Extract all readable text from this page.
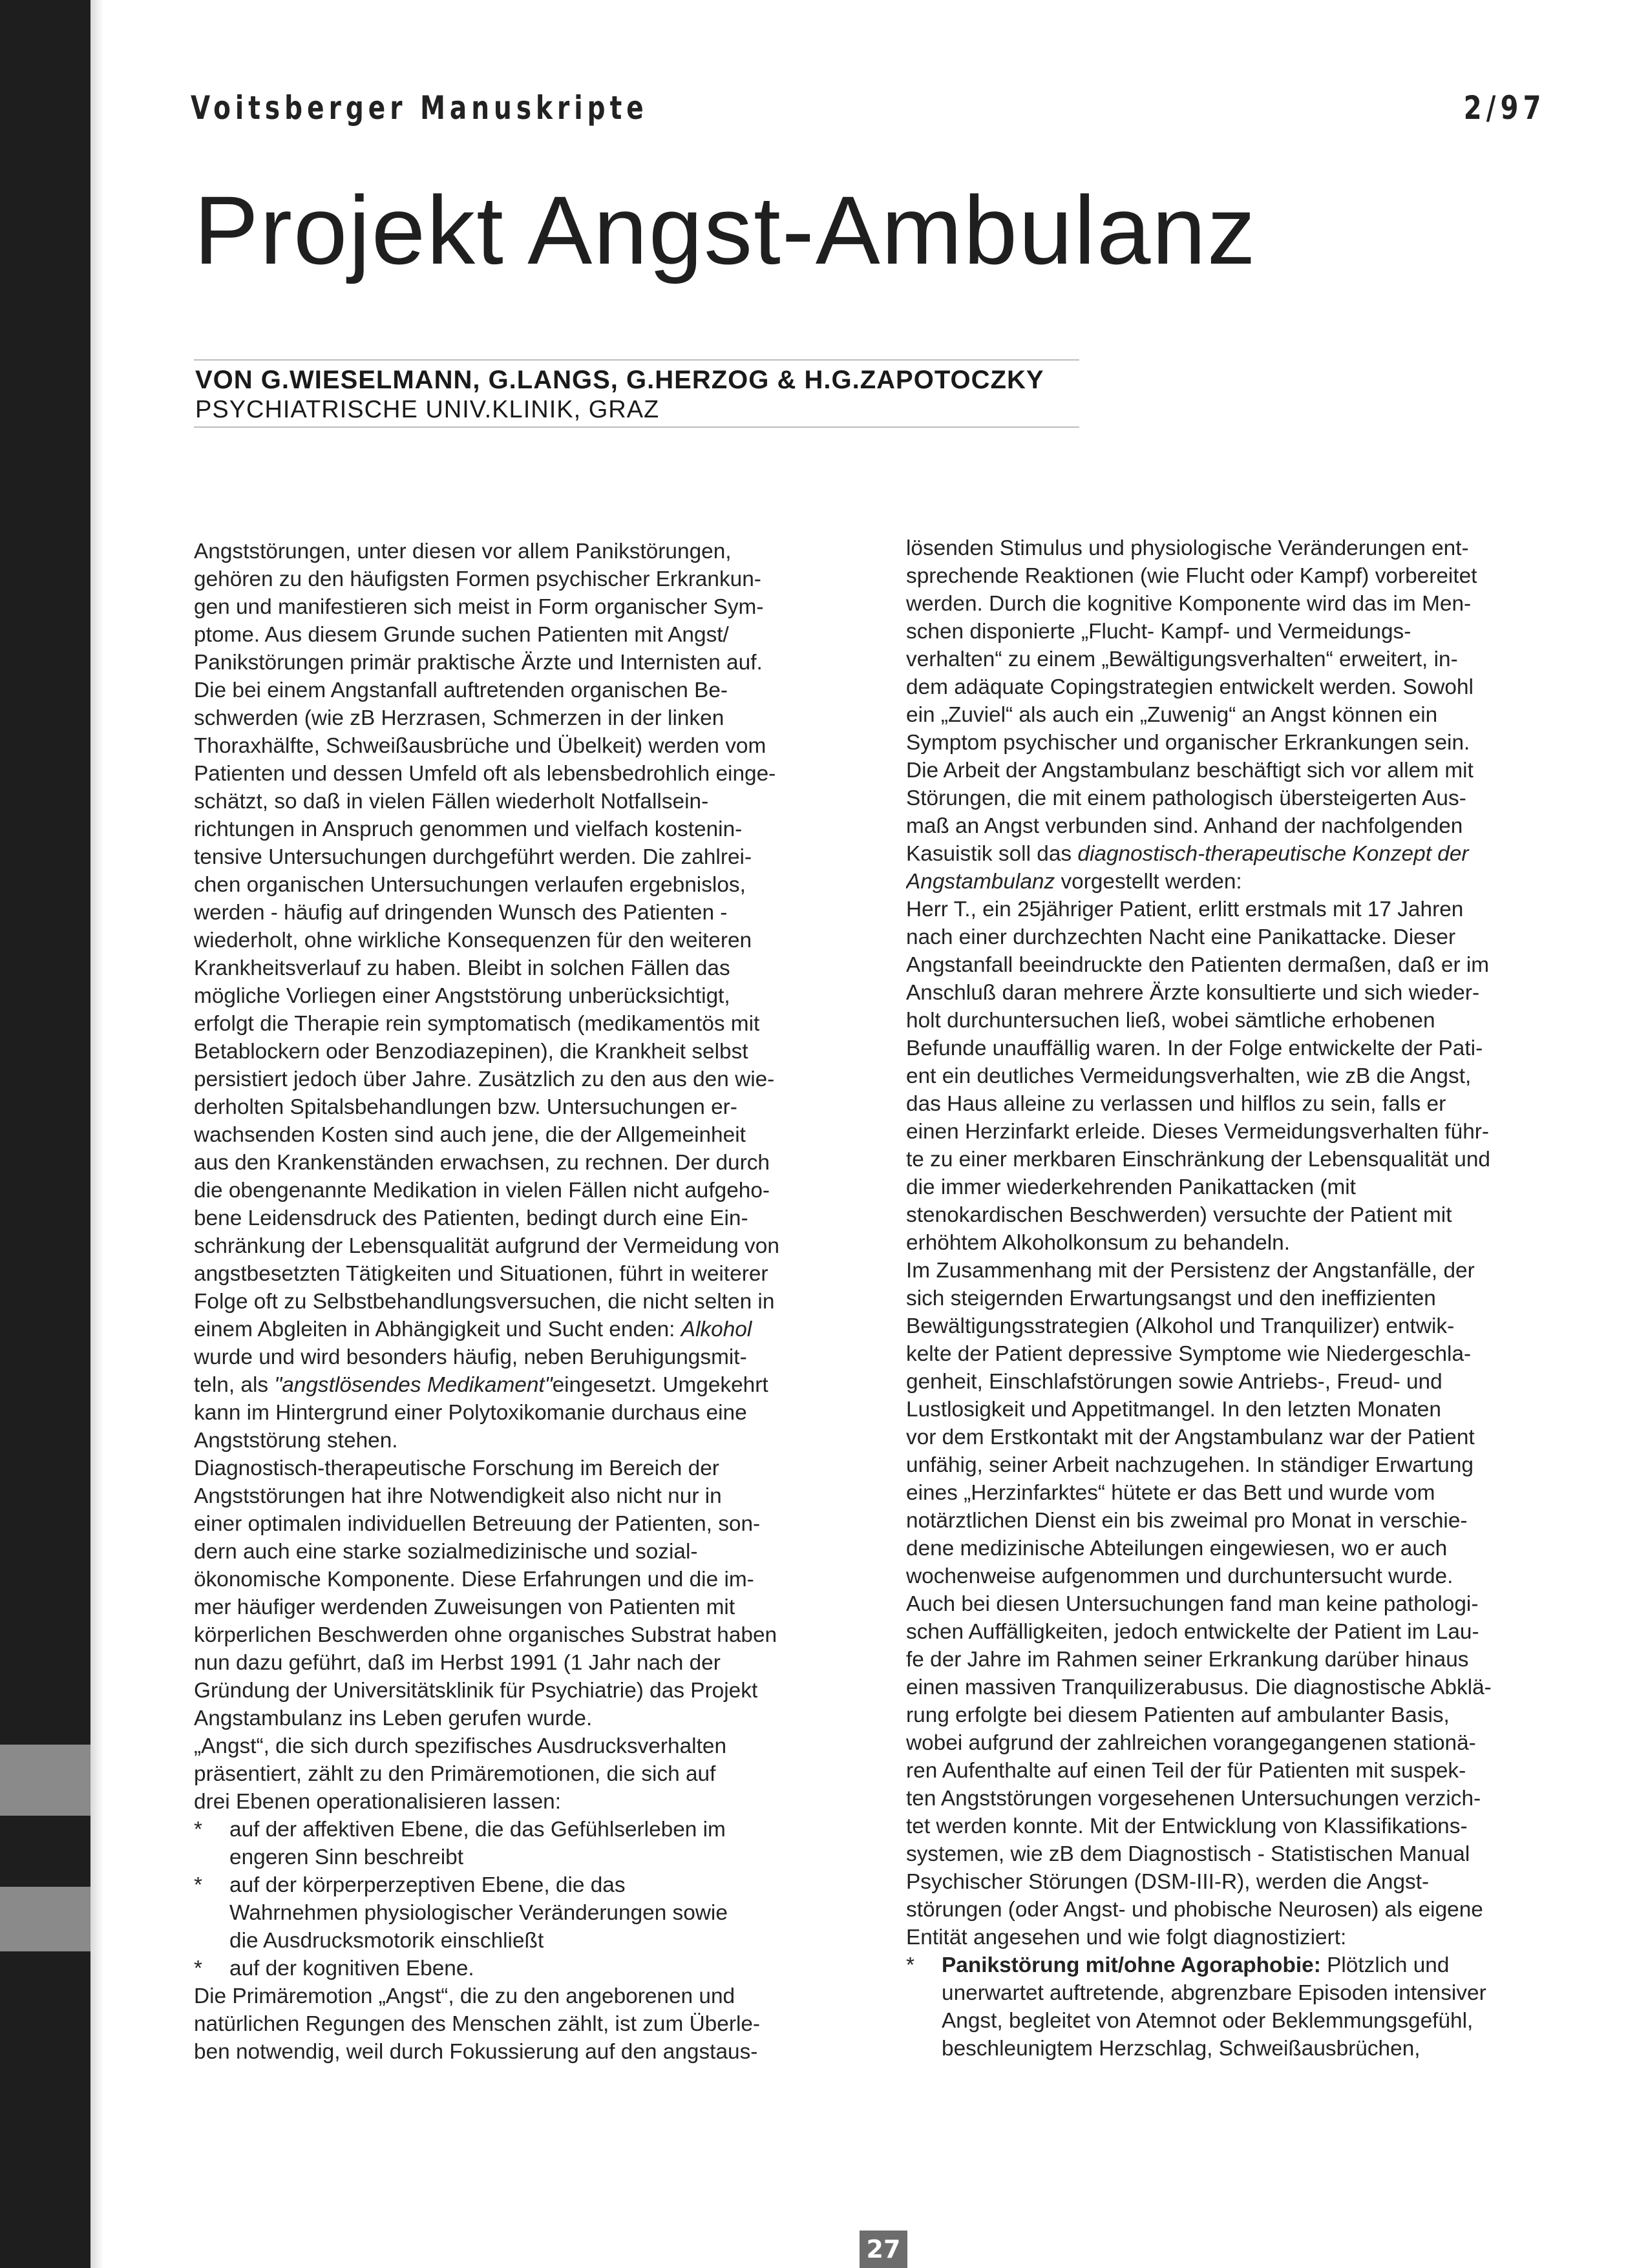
Voitsberger Manuskripte	2/97
Projekt Angst-Ambulanz
VON G.WIESELMANN, G.LANGS, G.HERZOG & H.G.ZAPOTOCZKY
PSYCHIATRISCHE UNIV.KLINIK, GRAZ
Angststörungen, unter diesen vor allem Panikstörungen,
gehören zu den häufigsten Formen psychischer Erkrankun-
gen und manifestieren sich meist in Form organischer Sym-
ptome. Aus diesem Grunde suchen Patienten mit Angst/
Panikstörungen primär praktische Ärzte und Internisten auf.
Die bei einem Angstanfall auftretenden organischen Be-
schwerden (wie zB Herzrasen, Schmerzen in der linken
Thoraxhälfte, Schweißausbrüche und Übelkeit) werden vom
Patienten und dessen Umfeld oft als lebensbedrohlich einge-
schätzt, so daß in vielen Fällen wiederholt Notfallsein-
richtungen in Anspruch genommen und vielfach kostenin-
tensive Untersuchungen durchgeführt werden. Die zahlrei-
chen organischen Untersuchungen verlaufen ergebnislos,
werden - häufig auf dringenden Wunsch des Patienten -
wiederholt, ohne wirkliche Konsequenzen für den weiteren
Krankheitsverlauf zu haben. Bleibt in solchen Fällen das
mögliche Vorliegen einer Angststörung unberücksichtigt,
erfolgt die Therapie rein symptomatisch (medikamentös mit
Betablockern oder Benzodiazepinen), die Krankheit selbst
persistiert jedoch über Jahre. Zusätzlich zu den aus den wie-
derholten Spitalsbehandlungen bzw. Untersuchungen er-
wachsenden Kosten sind auch jene, die der Allgemeinheit
aus den Krankenständen erwachsen, zu rechnen. Der durch
die obengenannte Medikation in vielen Fällen nicht aufgehо-
bene Leidensdruck des Patienten, bedingt durch eine Ein-
schränkung der Lebensqualität aufgrund der Vermeidung von
angstbesetzten Tätigkeiten und Situationen, führt in weiterer
Folge oft zu Selbstbehandlungsversuchen, die nicht selten in
einem Abgleiten in Abhängigkeit und Sucht enden: Alkohol
wurde und wird besonders häufig, neben Beruhigungsmit-
teln, als "angstlösendes Medikament"eingesetzt. Umgekehrt
kann im Hintergrund einer Polytoxikomanie durchaus eine
Angststörung stehen.
Diagnostisch-therapeutische Forschung im Bereich der
Angststörungen hat ihre Notwendigkeit also nicht nur in
einer optimalen individuellen Betreuung der Patienten, son-
dern auch eine starke sozialmedizinische und sozial-
ökonomische Komponente. Diese Erfahrungen und die im-
mer häufiger werdenden Zuweisungen von Patienten mit
körperlichen Beschwerden ohne organisches Substrat haben
nun dazu geführt, daß im Herbst 1991 (1 Jahr nach der
Gründung der Universitätsklinik für Psychiatrie) das Projekt
Angstambulanz ins Leben gerufen wurde.
„Angst“, die sich durch spezifisches Ausdrucksverhalten
präsentiert, zählt zu den Primäremotionen, die sich auf
drei Ebenen operationalisieren lassen:
* auf der affektiven Ebene, die das Gefühlserleben im
engeren Sinn beschreibt
* auf der körperperzeptiven Ebene, die das
Wahrnehmen physiologischer Veränderungen sowie
die Ausdrucksmotorik einschließt
* auf der kognitiven Ebene.
Die Primäremotion „Angst“, die zu den angeborenen und
natürlichen Regungen des Menschen zählt, ist zum Überle-
ben notwendig, weil durch Fokussierung auf den angstaus-
lösenden Stimulus und physiologische Veränderungen ent-
sprechende Reaktionen (wie Flucht oder Kampf) vorbereitet
werden. Durch die kognitive Komponente wird das im Men-
schen disponierte „Flucht- Kampf- und Vermeidungs-
verhalten“ zu einem „Bewältigungsverhalten“ erweitert, in-
dem adäquate Copingstrategien entwickelt werden. Sowohl
ein „Zuviel“ als auch ein „Zuwenig“ an Angst können ein
Symptom psychischer und organischer Erkrankungen sein.
Die Arbeit der Angstambulanz beschäftigt sich vor allem mit
Störungen, die mit einem pathologisch übersteigerten Aus-
maß an Angst verbunden sind. Anhand der nachfolgenden
Kasuistik soll das diagnostisch-therapeutische Konzept der
Angstambulanz vorgestellt werden:
Herr T., ein 25jähriger Patient, erlitt erstmals mit 17 Jahren
nach einer durchzechten Nacht eine Panikattacke. Dieser
Angstanfall beeindruckte den Patienten dermaßen, daß er im
Anschluß daran mehrere Ärzte konsultierte und sich wieder-
holt durchuntersuchen ließ, wobei sämtliche erhobenen
Befunde unauffällig waren. In der Folge entwickelte der Pati-
ent ein deutliches Vermeidungsverhalten, wie zB die Angst,
das Haus alleine zu verlassen und hilflos zu sein, falls er
einen Herzinfarkt erleide. Dieses Vermeidungsverhalten führ-
te zu einer merkbaren Einschränkung der Lebensqualität und
die immer wiederkehrenden Panikattacken (mit
stenokardischen Beschwerden) versuchte der Patient mit
erhöhtem Alkoholkonsum zu behandeln.
Im Zusammenhang mit der Persistenz der Angstanfälle, der
sich steigernden Erwartungsangst und den ineffizienten
Bewältigungsstrategien (Alkohol und Tranquilizer) entwik-
kelte der Patient depressive Symptome wie Niedergeschla-
genheit, Einschlafstörungen sowie Antriebs-, Freud- und
Lustlosigkeit und Appetitmangel. In den letzten Monaten
vor dem Erstkontakt mit der Angstambulanz war der Patient
unfähig, seiner Arbeit nachzugehen. In ständiger Erwartung
eines „Herzinfarktes“ hütete er das Bett und wurde vom
notärztlichen Dienst ein bis zweimal pro Monat in verschie-
dene medizinische Abteilungen eingewiesen, wo er auch
wochenweise aufgenommen und durchuntersucht wurde.
Auch bei diesen Untersuchungen fand man keine pathologi-
schen Auffälligkeiten, jedoch entwickelte der Patient im Lau-
fe der Jahre im Rahmen seiner Erkrankung darüber hinaus
einen massiven Tranquilizerabusus. Die diagnostische Abklä-
rung erfolgte bei diesem Patienten auf ambulanter Basis,
wobei aufgrund der zahlreichen vorangegangenen stationä-
ren Aufenthalte auf einen Teil der für Patienten mit suspek-
ten Angststörungen vorgesehenen Untersuchungen verzich-
tet werden konnte. Mit der Entwicklung von Klassifikations-
systemen, wie zB dem Diagnostisch - Statistischen Manual
Psychischer Störungen (DSM-III-R), werden die Angst-
störungen (oder Angst- und phobische Neurosen) als eigene
Entität angesehen und wie folgt diagnostiziert:
* Panikstörung mit/ohne Agoraphobie: Plötzlich und
unerwartet auftretende, abgrenzbare Episoden intensiver
Angst, begleitet von Atemnot oder Beklemmungsgefühl,
beschleunigtem Herzschlag, Schweißausbrüchen,
27
